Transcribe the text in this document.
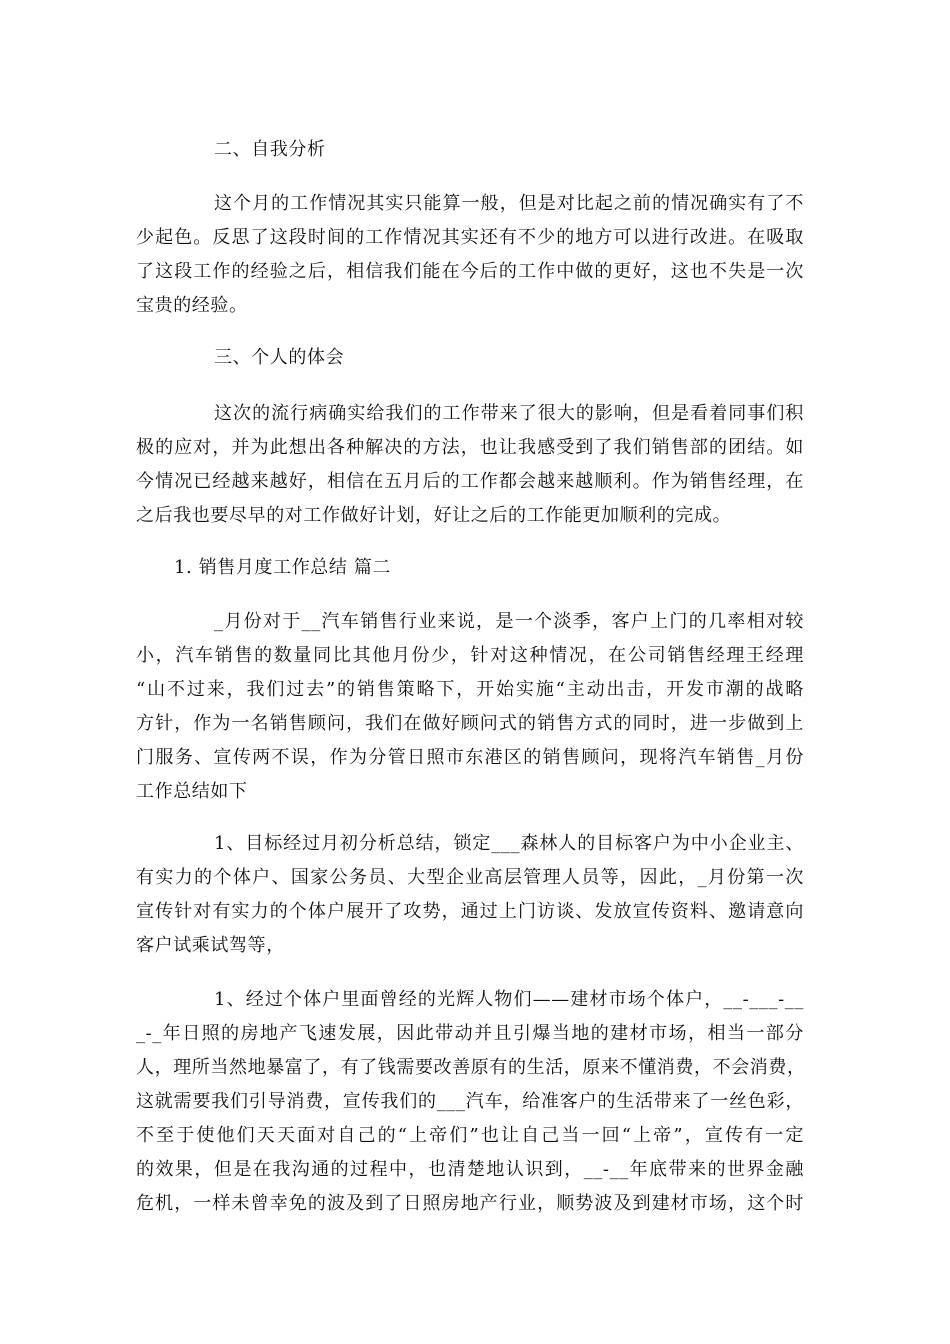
二、自我分析
这个月的工作情况其实只能算一般，但是对比起之前的情况确实有了不
少起色。反思了这段时间的工作情况其实还有不少的地方可以进行改进。在吸取
了这段工作的经验之后，相信我们能在今后的工作中做的更好，这也不失是一次
宝贵的经验。
三、个人的体会
这次的流行病确实给我们的工作带来了很大的影响，但是看着同事们积
极的应对，并为此想出各种解决的方法，也让我感受到了我们销售部的团结。如
今情况已经越来越好，相信在五月后的工作都会越来越顺利。作为销售经理，在
之后我也要尽早的对工作做好计划，好让之后的工作能更加顺利的完成。
1. 销售月度工作总结 篇二
_月份对于__汽车销售行业来说，是一个淡季，客户上门的几率相对较
小，汽车销售的数量同比其他月份少，针对这种情况，在公司销售经理王经理
“山不过来，我们过去”的销售策略下，开始实施“主动出击，开发市潮的战略
方针，作为一名销售顾问，我们在做好顾问式的销售方式的同时，进一步做到上
门服务、宣传两不误，作为分管日照市东港区的销售顾问，现将汽车销售_月份
工作总结如下
1、目标经过月初分析总结，锁定___森林人的目标客户为中小企业主、
有实力的个体户、国家公务员、大型企业高层管理人员等，因此，_月份第一次
宣传针对有实力的个体户展开了攻势，通过上门访谈、发放宣传资料、邀请意向
客户试乘试驾等，
1、经过个体户里面曾经的光辉人物们——建材市场个体户，__-___-__
_-_年日照的房地产飞速发展，因此带动并且引爆当地的建材市场，相当一部分
人，理所当然地暴富了，有了钱需要改善原有的生活，原来不懂消费，不会消费，
这就需要我们引导消费，宣传我们的___汽车，给准客户的生活带来了一丝色彩，
不至于使他们天天面对自己的“上帝们”也让自己当一回“上帝”，宣传有一定
的效果，但是在我沟通的过程中，也清楚地认识到，__-__年底带来的世界金融
危机，一样未曾幸免的波及到了日照房地产行业，顺势波及到建材市场，这个时
